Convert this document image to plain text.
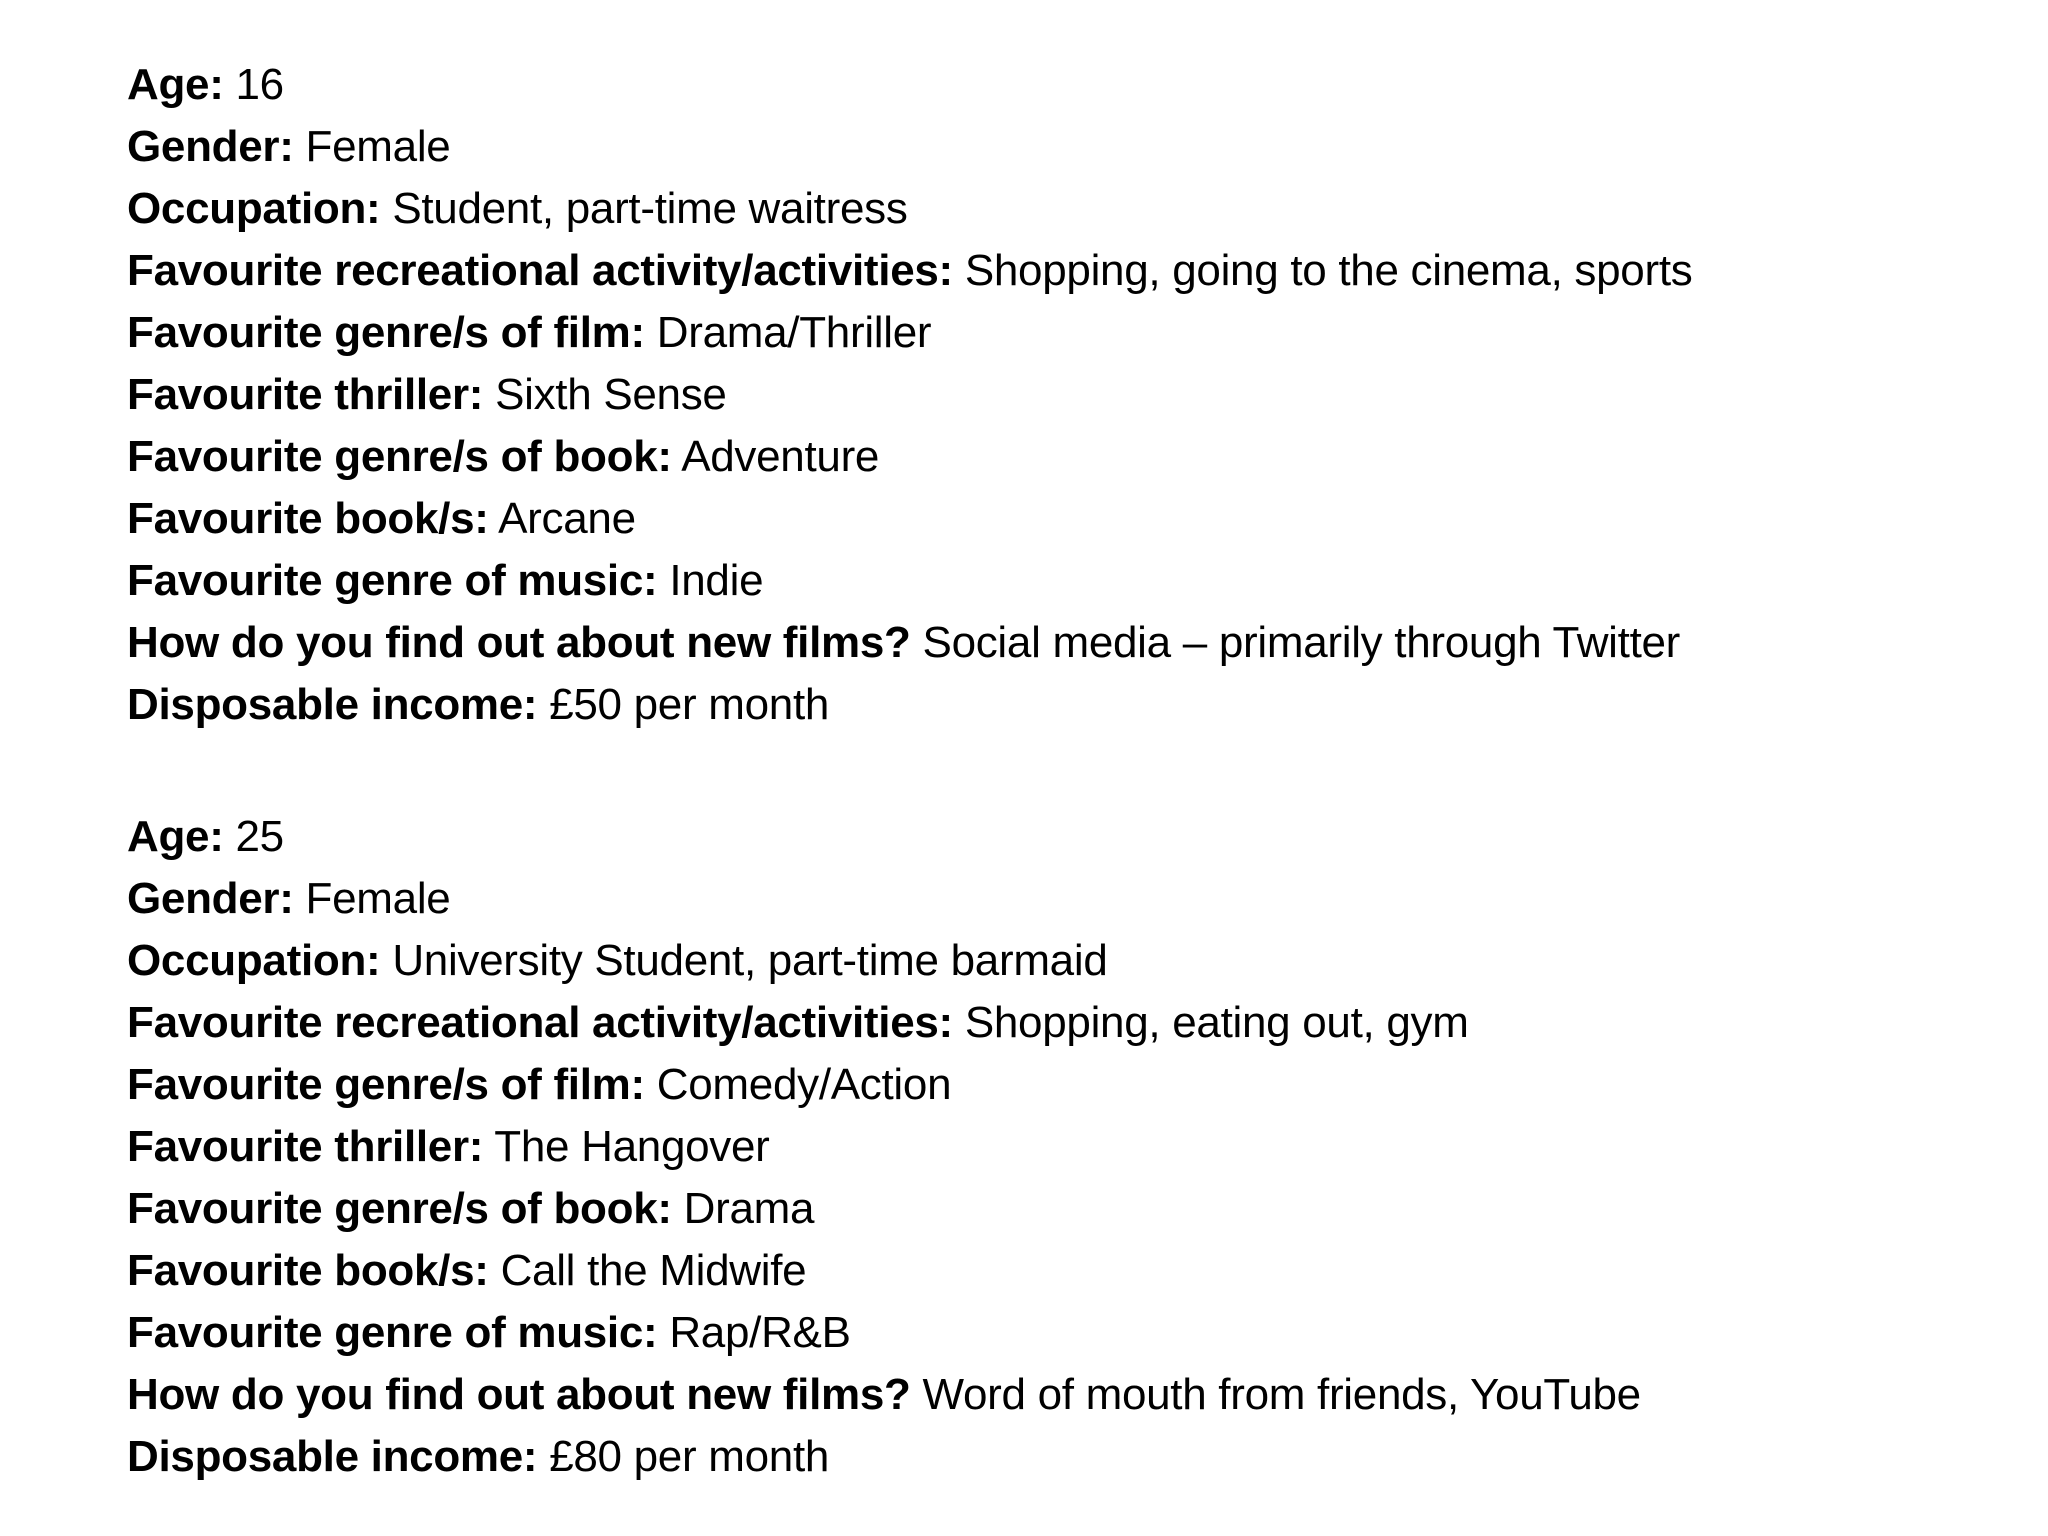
Age: 16
Gender: Female
Occupation: Student, part-time waitress
Favourite recreational activity/activities: Shopping, going to the cinema, sports
Favourite genre/s of film: Drama/Thriller
Favourite thriller: Sixth Sense
Favourite genre/s of book: Adventure
Favourite book/s: Arcane
Favourite genre of music: Indie
How do you find out about new films? Social media – primarily through Twitter
Disposable income: £50 per month
Age: 25
Gender: Female
Occupation: University Student, part-time barmaid
Favourite recreational activity/activities: Shopping, eating out, gym
Favourite genre/s of film: Comedy/Action
Favourite thriller: The Hangover
Favourite genre/s of book: Drama
Favourite book/s: Call the Midwife
Favourite genre of music: Rap/R&B
How do you find out about new films? Word of mouth from friends, YouTube
Disposable income: £80 per month
